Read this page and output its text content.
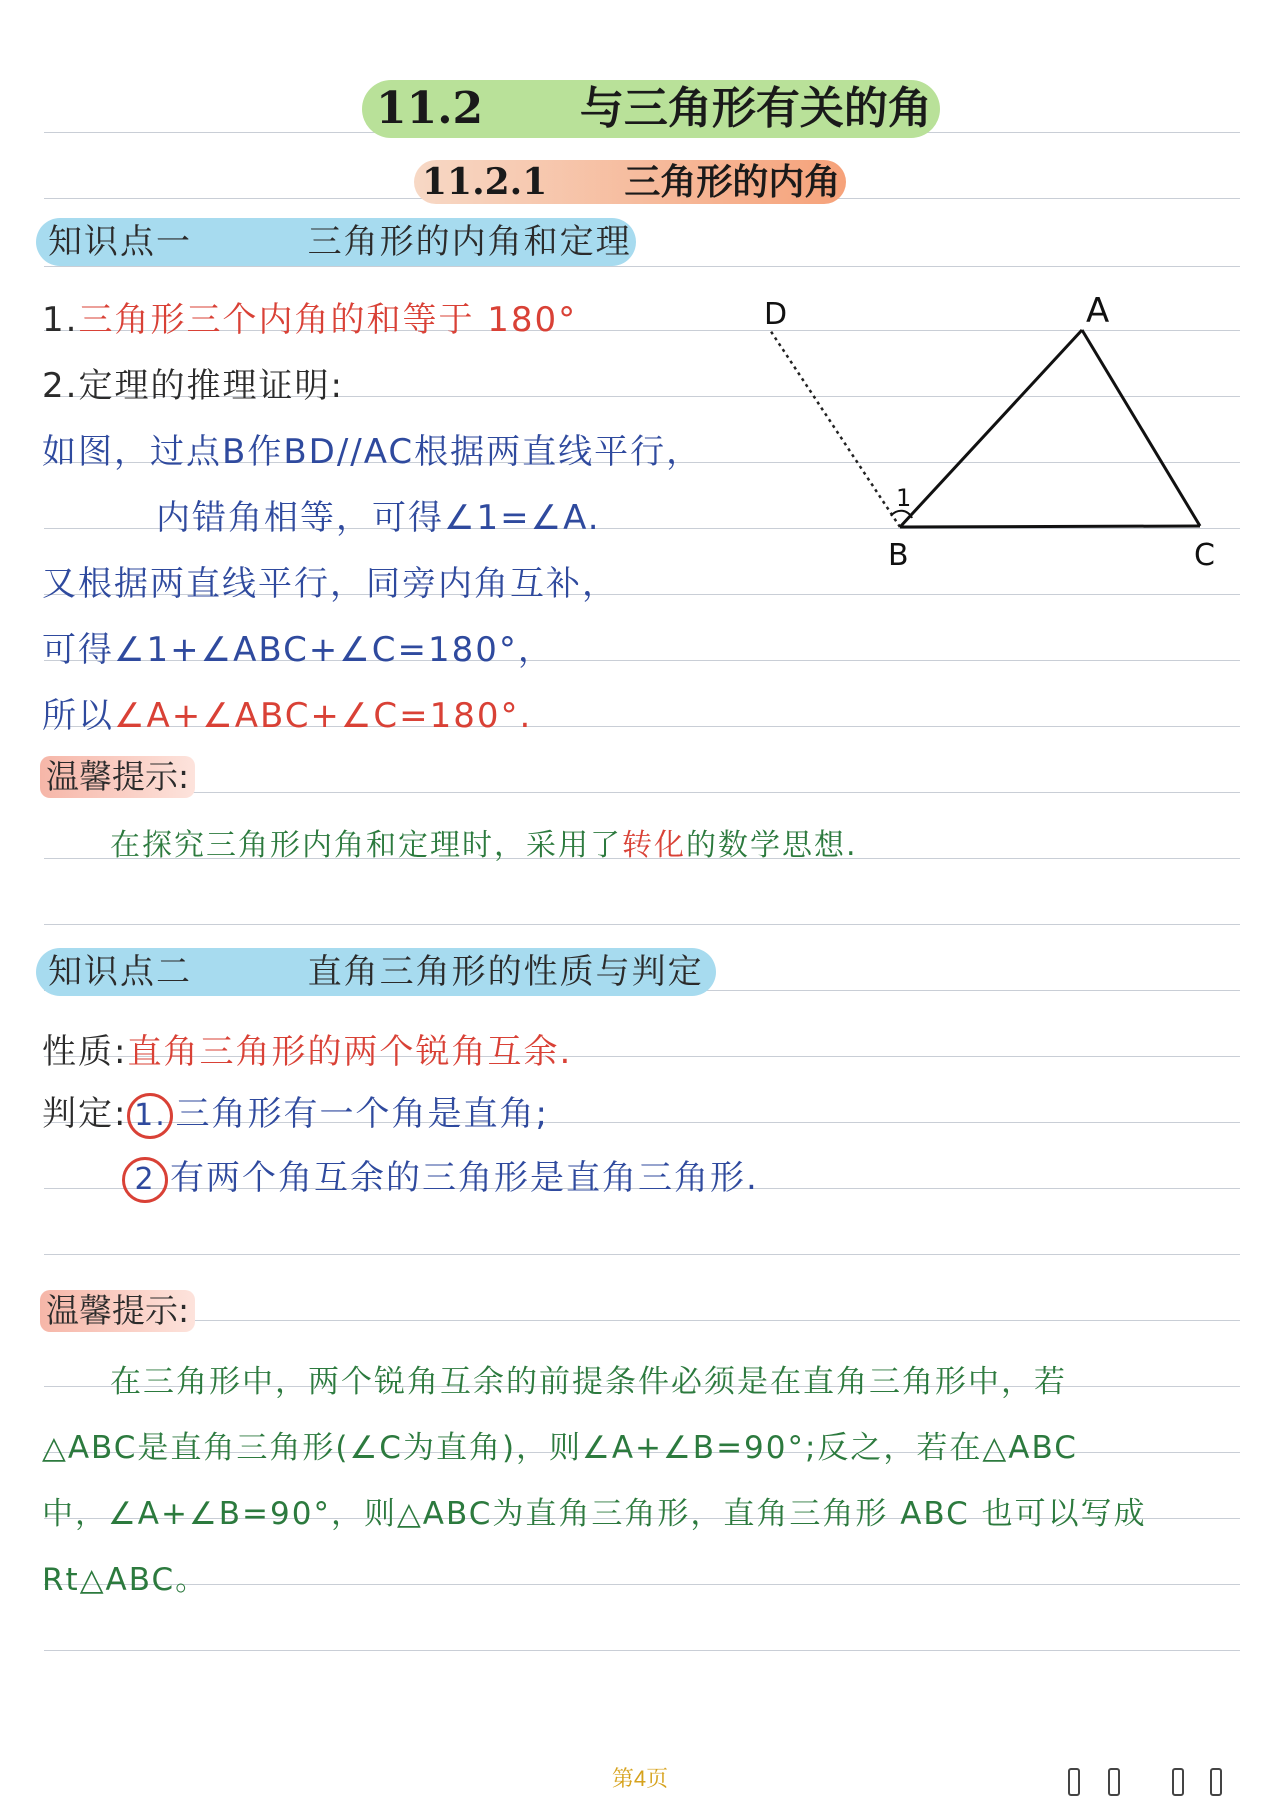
11.2 与三角形有关的角
11.2.1 三角形的内角
知识点一	三角形的内角和定理
1.三角形三个内角的和等于 180°
2.定理的推理证明:
如图，过点B作BD//AC根据两直线平行，
内错角相等，可得∠1=∠A.
又根据两直线平行，同旁内角互补，
可得∠1+∠ABC+∠C=180°，
所以∠A+∠ABC+∠C=180°.
D	A
1
B	C
温馨提示:
在探究三角形内角和定理时，采用了转化的数学思想.
知识点二	直角三角形的性质与判定
性质:直角三角形的两个锐角互余.
判定: 1. 三角形有一个角是直角;
2 有两个角互余的三角形是直角三角形.
温馨提示:
在三角形中，两个锐角互余的前提条件必须是在直角三角形中，若
△ABC是直角三角形(∠C为直角)，则∠A+∠B=90°;反之，若在△ABC
中，∠A+∠B=90°，则△ABC为直角三角形，直角三角形 ABC 也可以写成
Rt△ABC。
第4页
